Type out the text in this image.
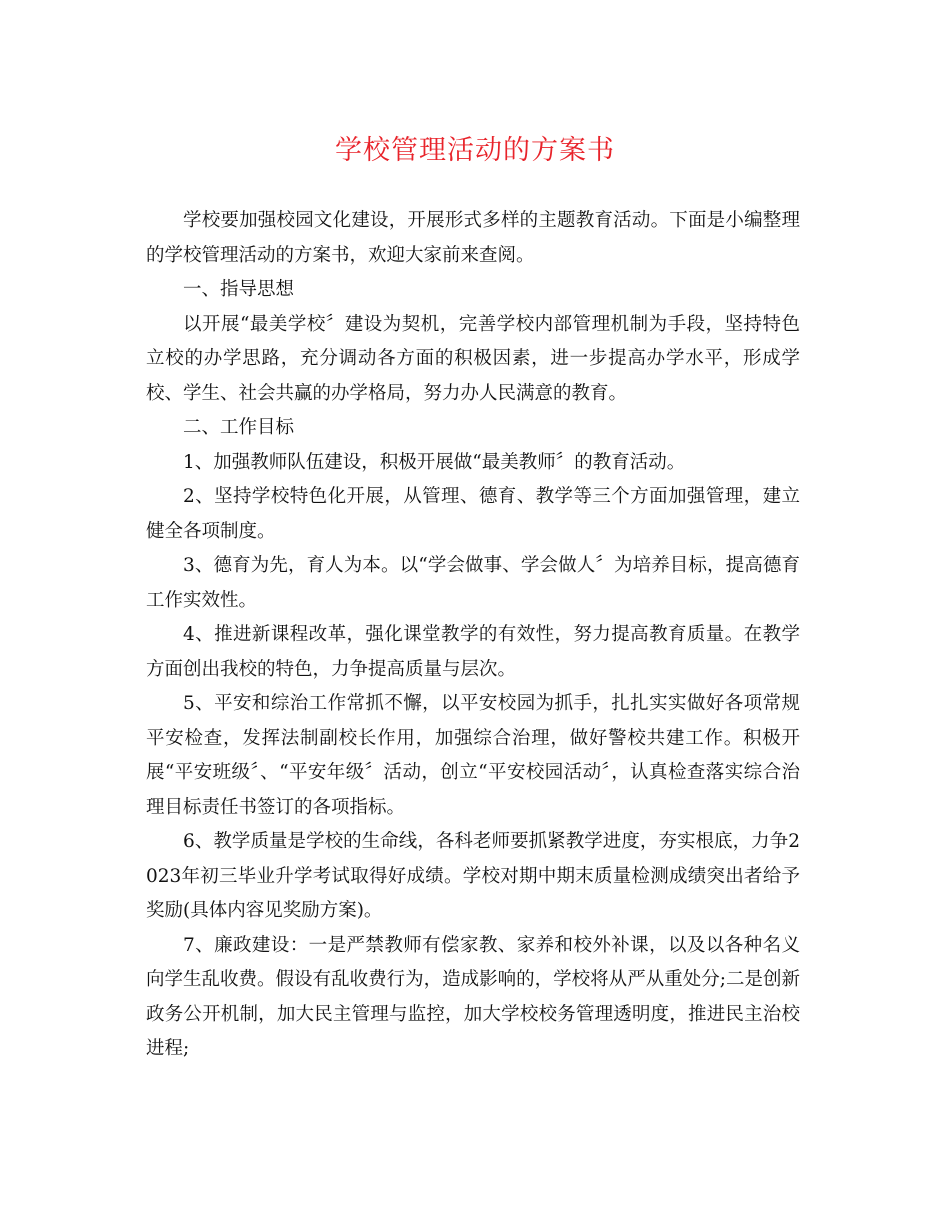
学校管理活动的方案书

学校要加强校园文化建设，开展形式多样的主题教育活动。下面是小编整理的学校管理活动的方案书，欢迎大家前来查阅。

一、指导思想

以开展“最美学校〞建设为契机，完善学校内部管理机制为手段，坚持特色立校的办学思路，充分调动各方面的积极因素，进一步提高办学水平，形成学校、学生、社会共赢的办学格局，努力办人民满意的教育。

二、工作目标

1、加强教师队伍建设，积极开展做“最美教师〞的教育活动。

2、坚持学校特色化开展，从管理、德育、教学等三个方面加强管理，建立健全各项制度。

3、德育为先，育人为本。以“学会做事、学会做人〞为培养目标，提高德育工作实效性。

4、推进新课程改革，强化课堂教学的有效性，努力提高教育质量。在教学方面创出我校的特色，力争提高质量与层次。

5、平安和综治工作常抓不懈，以平安校园为抓手，扎扎实实做好各项常规平安检查，发挥法制副校长作用，加强综合治理，做好警校共建工作。积极开展“平安班级〞、“平安年级〞活动，创立“平安校园活动〞，认真检查落实综合治理目标责任书签订的各项指标。

6、教学质量是学校的生命线，各科老师要抓紧教学进度，夯实根底，力争2023年初三毕业升学考试取得好成绩。学校对期中期末质量检测成绩突出者给予奖励(具体内容见奖励方案)。

7、廉政建设：一是严禁教师有偿家教、家养和校外补课，以及以各种名义向学生乱收费。假设有乱收费行为，造成影响的，学校将从严从重处分;二是创新政务公开机制，加大民主管理与监控，加大学校校务管理透明度，推进民主治校进程;
